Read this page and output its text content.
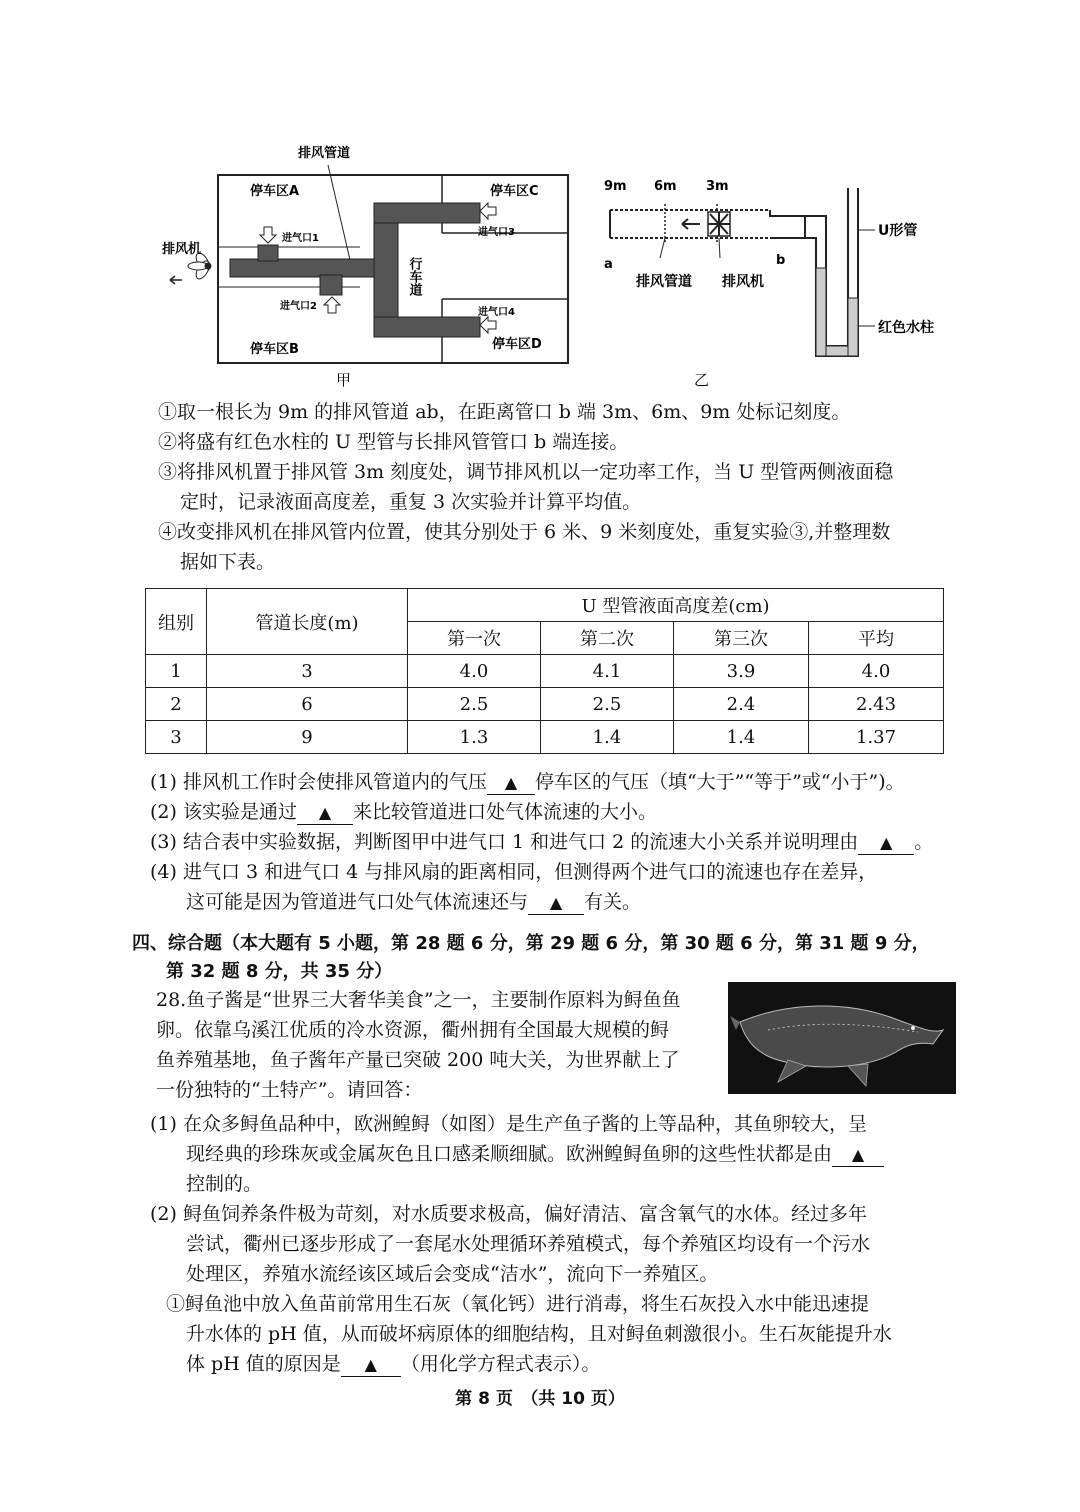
排风管道
停车区A	停车区C
停车区B	停车区D
排风机
进气口1
进气口2
进气口3
进气口4
行车道
甲
9m 6m 3m
a	b
排风管道 排风机
U形管
红色水柱
乙
①取一根长为 9m 的排风管道 ab，在距离管口 b 端 3m、6m、9m 处标记刻度。
②将盛有红色水柱的 U 型管与长排风管管口 b 端连接。
③将排风机置于排风管 3m 刻度处，调节排风机以一定功率工作，当 U 型管两侧液面稳
定时，记录液面高度差，重复 3 次实验并计算平均值。
④改变排风机在排风管内位置，使其分别处于 6 米、9 米刻度处，重复实验③,并整理数
据如下表。
组别	管道长度(m)	U 型管液面高度差(cm)			
		第一次	第二次	第三次	平均
1	3	4.0	4.1	3.9	4.0
2	6	2.5	2.5	2.4	2.43
3	9	1.3	1.4	1.4	1.37
(1) 排风机工作时会使排风管道内的气压 ▲ 停车区的气压（填“大于”“等于”或“小于”)。
(2) 该实验是通过 ▲ 来比较管道进口处气体流速的大小。
(3) 结合表中实验数据，判断图甲中进气口 1 和进气口 2 的流速大小关系并说明理由 ▲ 。
(4) 进气口 3 和进气口 4 与排风扇的距离相同，但测得两个进气口的流速也存在差异，
这可能是因为管道进气口处气体流速还与 ▲ 有关。
四、综合题（本大题有 5 小题，第 28 题 6 分，第 29 题 6 分，第 30 题 6 分，第 31 题 9 分，
第 32 题 8 分，共 35 分）
28.鱼子酱是“世界三大奢华美食”之一，主要制作原料为鲟鱼鱼
卵。依靠乌溪江优质的冷水资源，衢州拥有全国最大规模的鲟
鱼养殖基地，鱼子酱年产量已突破 200 吨大关，为世界献上了
一份独特的“土特产”。请回答：
(1) 在众多鲟鱼品种中，欧洲鳇鲟（如图）是生产鱼子酱的上等品种，其鱼卵较大，呈
现经典的珍珠灰或金属灰色且口感柔顺细腻。欧洲鳇鲟鱼卵的这些性状都是由 ▲
控制的。
(2) 鲟鱼饲养条件极为苛刻，对水质要求极高，偏好清洁、富含氧气的水体。经过多年
尝试，衢州已逐步形成了一套尾水处理循环养殖模式，每个养殖区均设有一个污水
处理区，养殖水流经该区域后会变成“洁水”，流向下一养殖区。
①鲟鱼池中放入鱼苗前常用生石灰（氧化钙）进行消毒，将生石灰投入水中能迅速提
升水体的 pH 值，从而破坏病原体的细胞结构，且对鲟鱼刺激很小。生石灰能提升水
体 pH 值的原因是 ▲ （用化学方程式表示）。
第 8 页　（共 10 页）
